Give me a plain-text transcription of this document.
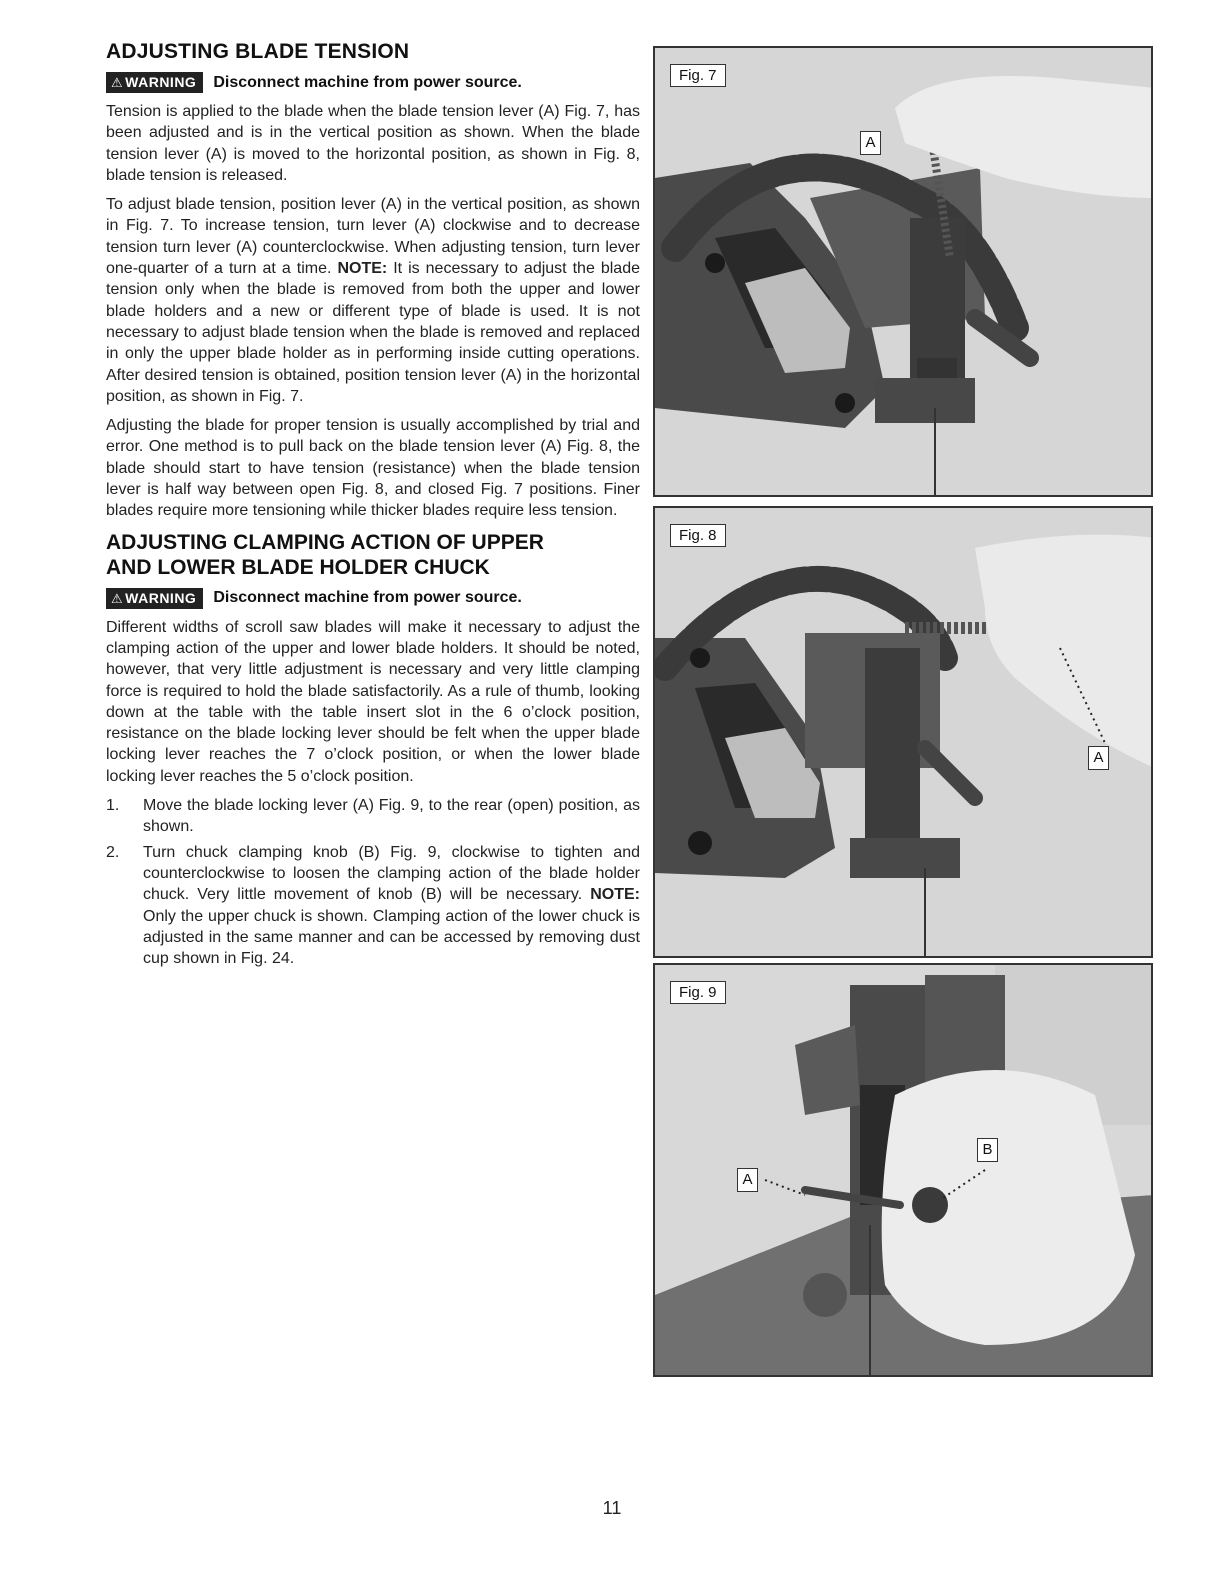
ADJUSTING BLADE TENSION
⚠ WARNING Disconnect machine from power source.

Tension is applied to the blade when the blade tension lever (A) Fig. 7, has been adjusted and is in the vertical position as shown. When the blade tension lever (A) is moved to the horizontal position, as shown in Fig. 8, blade tension is released.

To adjust blade tension, position lever (A) in the vertical position, as shown in Fig. 7. To increase tension, turn lever (A) clockwise and to decrease tension turn lever (A) counterclockwise. When adjusting tension, turn lever one-quarter of a turn at a time. NOTE: It is necessary to adjust the blade tension only when the blade is removed from both the upper and lower blade holders and a new or different type of blade is used. It is not necessary to adjust blade tension when the blade is removed and replaced in only the upper blade holder as in performing inside cutting operations. After desired tension is obtained, position tension lever (A) in the horizontal position, as shown in Fig. 7.

Adjusting the blade for proper tension is usually accomplished by trial and error. One method is to pull back on the blade tension lever (A) Fig. 8, the blade should start to have tension (resistance) when the blade tension lever is half way between open Fig. 8, and closed Fig. 7 positions. Finer blades require more tensioning while thicker blades require less tension.

ADJUSTING CLAMPING ACTION OF UPPER
AND LOWER BLADE HOLDER CHUCK
⚠ WARNING Disconnect machine from power source.

Different widths of scroll saw blades will make it necessary to adjust the clamping action of the upper and lower blade holders. It should be noted, however, that very little adjustment is necessary and very little clamping force is required to hold the blade satisfactorily. As a rule of thumb, looking down at the table with the table insert slot in the 6 o’clock position, resistance on the blade locking lever should be felt when the upper blade locking lever reaches the 7 o’clock position, or when the lower blade locking lever reaches the 5 o’clock position.

1. Move the blade locking lever (A) Fig. 9, to the rear (open) position, as shown.
2. Turn chuck clamping knob (B) Fig. 9, clockwise to tighten and counterclockwise to loosen the clamping action of the blade holder chuck. Very little movement of knob (B) will be necessary. NOTE: Only the upper chuck is shown. Clamping action of the lower chuck is adjusted in the same manner and can be accessed by removing dust cup shown in Fig. 24.
Fig. 7
A
Fig. 8
A
Fig. 9
A
B
11
